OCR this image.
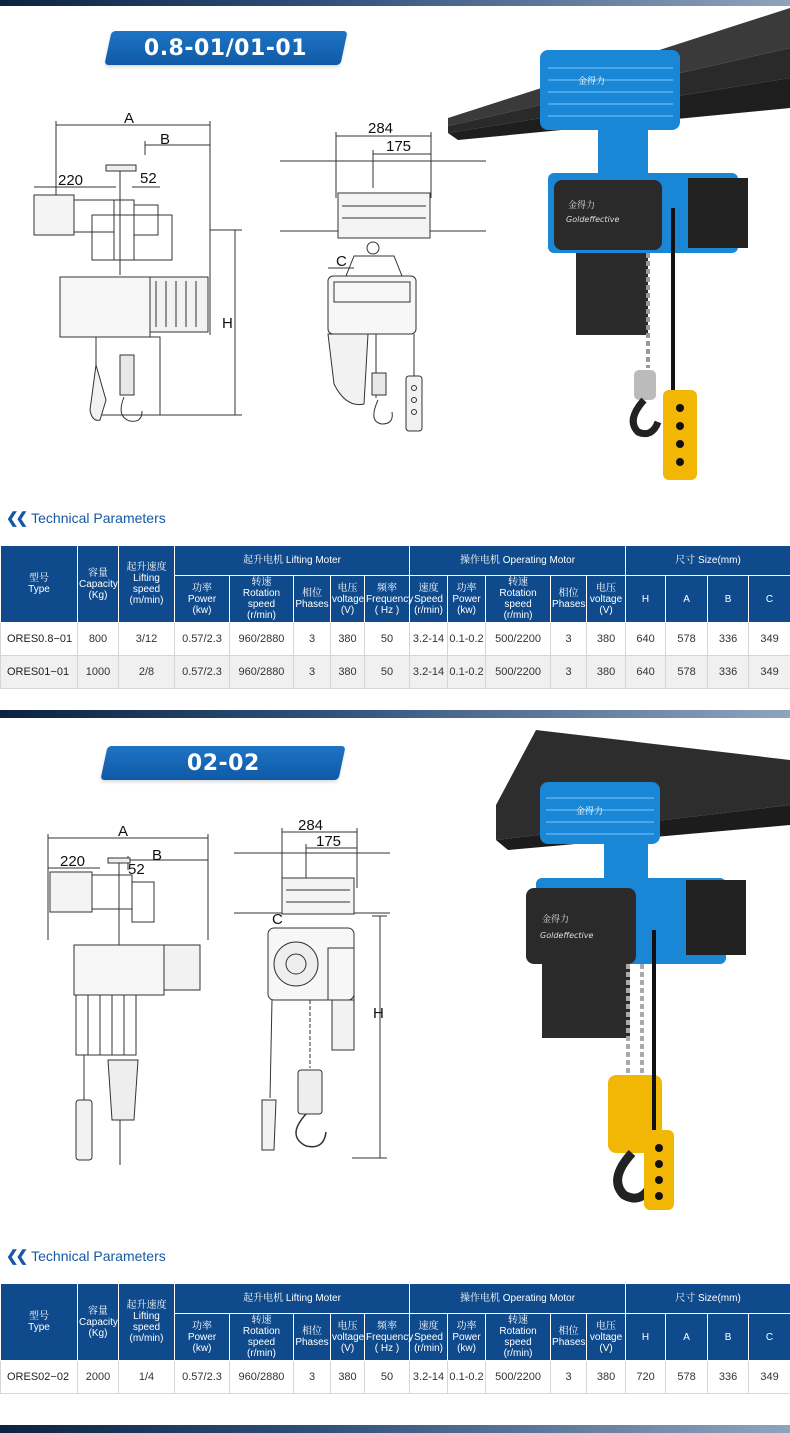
0.8-01/01-01
A
B
220	52
H
284
175
C
金得力
金得力
Goldeffective
❮❮ Technical Parameters
型号
Type	容量
Capacity
(Kg)	起升速度
Lifting speed
(m/min)	起升电机 Lifting Moter					操作电机 Operating Motor					尺寸 Size(mm)			
			功率
Power
(kw)	转速
Rotation speed
(r/min)	相位
Phases	电压
voltage
(V)	频率
Frequency
( Hz )	速度
Speed
(r/min)	功率
Power
(kw)	转速
Rotation speed
(r/min)	相位
Phases	电压
voltage
(V)	H	A	B	C
ORES0.8−01	800	3/12	0.57/2.3	960/2880	3	380	50	3.2-14	0.1-0.2	500/2200	3	380	640	578	336	349
ORES01−01	1000	2/8	0.57/2.3	960/2880	3	380	50	3.2-14	0.1-0.2	500/2200	3	380	640	578	336	349
02-02
A
B
220	52
284
175
C
H
金得力
金得力
Goldeffective
❮❮ Technical Parameters
型号
Type	容量
Capacity
(Kg)	起升速度
Lifting speed
(m/min)	起升电机 Lifting Moter					操作电机 Operating Motor					尺寸 Size(mm)			
			功率
Power
(kw)	转速
Rotation speed
(r/min)	相位
Phases	电压
voltage
(V)	频率
Frequency
( Hz )	速度
Speed
(r/min)	功率
Power
(kw)	转速
Rotation speed
(r/min)	相位
Phases	电压
voltage
(V)	H	A	B	C
ORES02−02	2000	1/4	0.57/2.3	960/2880	3	380	50	3.2-14	0.1-0.2	500/2200	3	380	720	578	336	349
